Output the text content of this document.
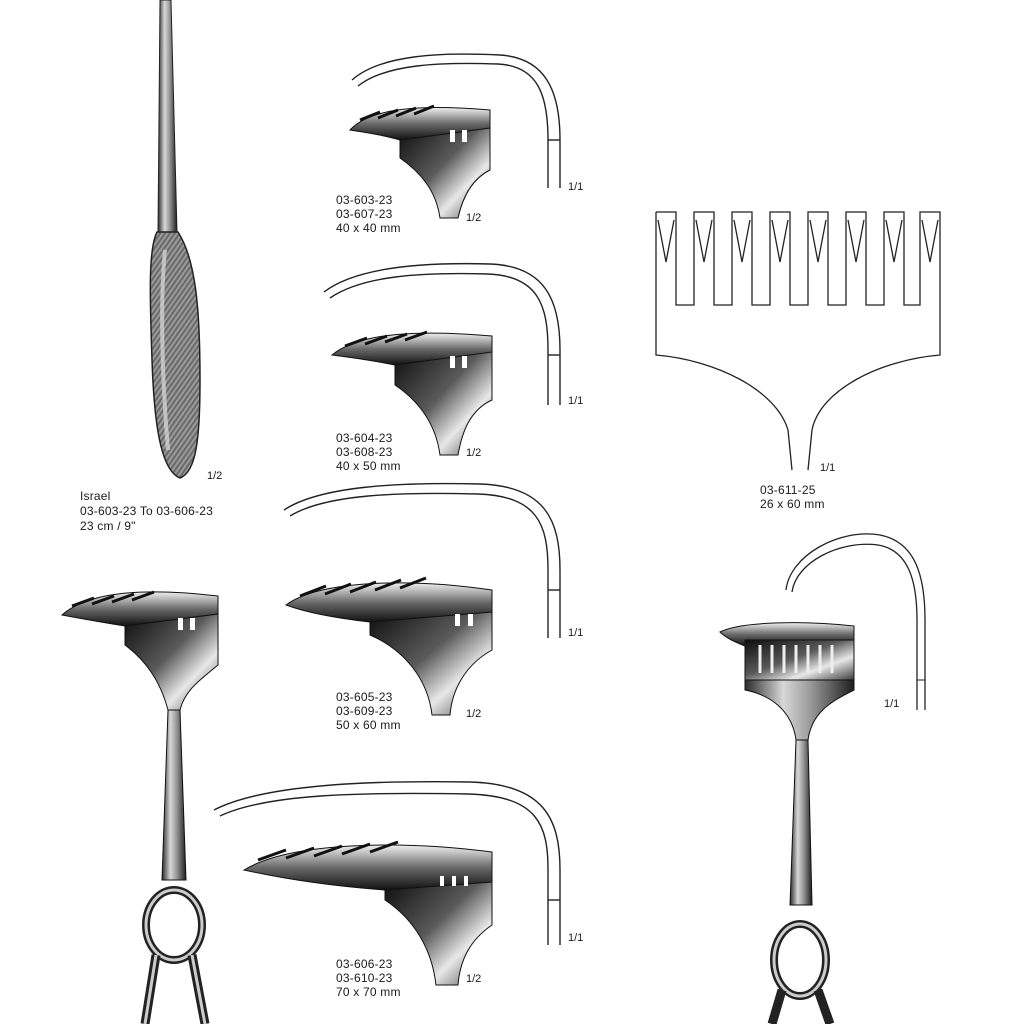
Israel
03-603-23 To 03-606-23
23 cm / 9"
1/2
03-603-23
03-607-23
40 x 40 mm
1/2
1/1
03-604-23
03-608-23
40 x 50 mm
1/2
1/1
03-605-23
03-609-23
50 x 60 mm
1/2
1/1
03-606-23
03-610-23
70 x 70 mm
1/2
1/1
1/1
03-611-25
26 x 60 mm
1/1
